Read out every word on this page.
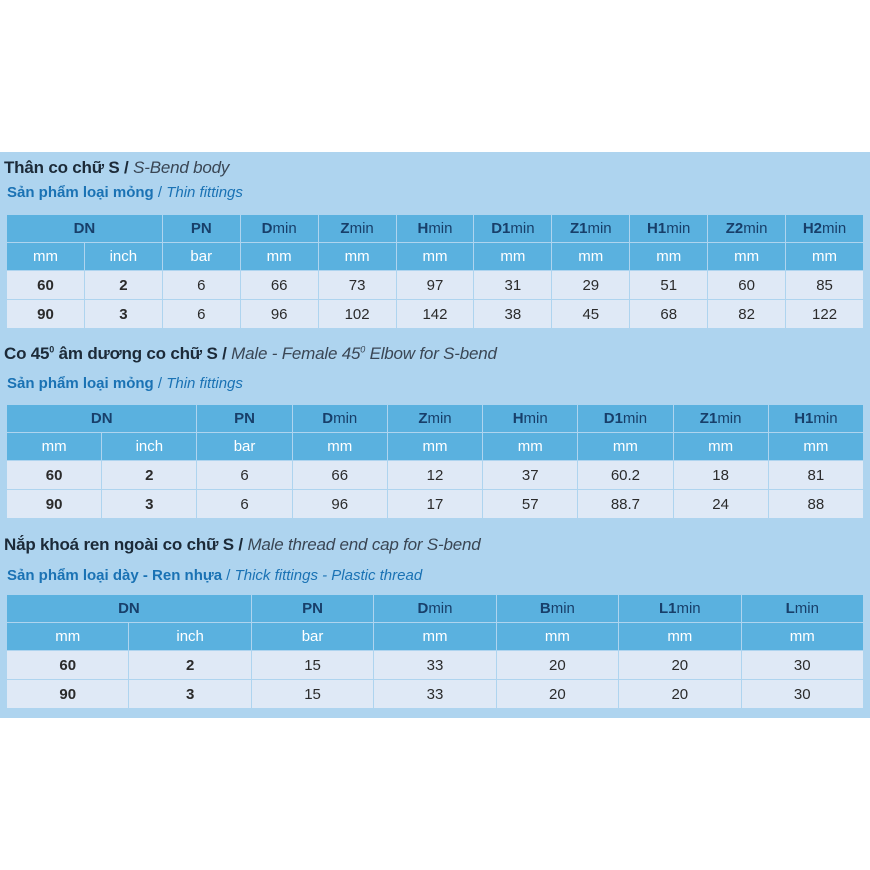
Thân co chữ S / S-Bend body
Sản phẩm loại mỏng / Thin fittings
DN		PN	Dmin	Zmin	Hmin	D1min	Z1min	H1min	Z2min	H2min
mm	inch	bar	mm	mm	mm	mm	mm	mm	mm	mm
60	2	6	66	73	97	31	29	51	60	85
90	3	6	96	102	142	38	45	68	82	122
Co $45^0$ âm dương co chữ S / Male - Female $45^0$ Elbow for S-bend
Sản phẩm loại mỏng / Thin fittings
DN		PN	Dmin	Zmin	Hmin	D1min	Z1min	H1min
mm	inch	bar	mm	mm	mm	mm	mm	mm
60	2	6	66	12	37	60.2	18	81
90	3	6	96	17	57	88.7	24	88
Nắp khoá ren ngoài co chữ S / Male thread end cap for S-bend
Sản phẩm loại dày - Ren nhựa / Thick fittings - Plastic thread
DN		PN	Dmin	Bmin	L1min	Lmin
mm	inch	bar	mm	mm	mm	mm
60	2	15	33	20	20	30
90	3	15	33	20	20	30
